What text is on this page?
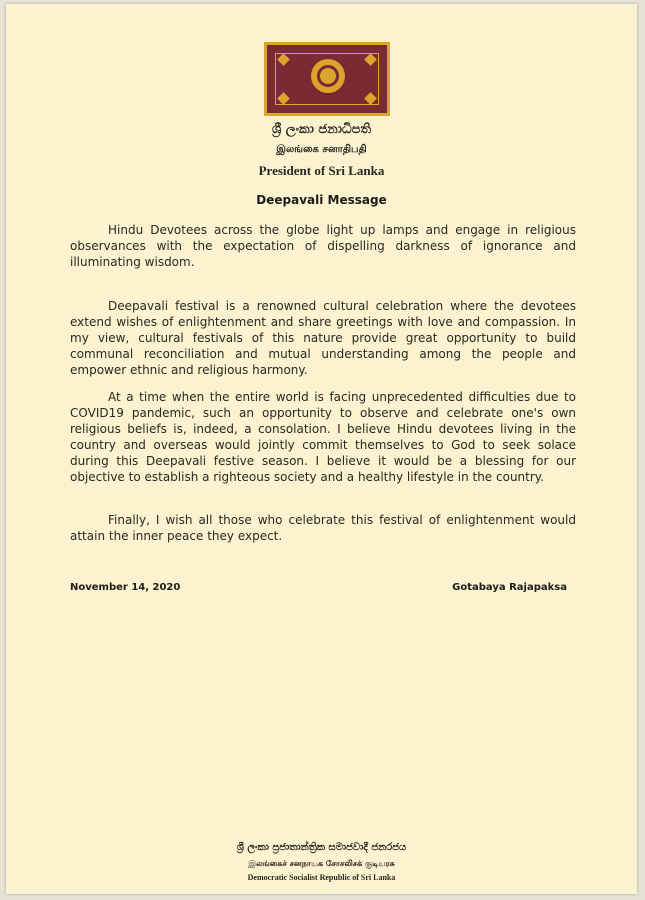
ශ්‍රී ලංකා ජනාධිපති
இலங்கை சனாதிபதி
President of Sri Lanka
Deepavali Message

Hindu Devotees across the globe light up lamps and engage in religious observances with the expectation of dispelling darkness of ignorance and illuminating wisdom.

Deepavali festival is a renowned cultural celebration where the devotees extend wishes of enlightenment and share greetings with love and compassion. In my view, cultural festivals of this nature provide great opportunity to build communal reconciliation and mutual understanding among the people and empower ethnic and religious harmony.

At a time when the entire world is facing unprecedented difficulties due to COVID19 pandemic, such an opportunity to observe and celebrate one's own religious beliefs is, indeed, a consolation. I believe Hindu devotees living in the country and overseas would jointly commit themselves to God to seek solace during this Deepavali festive season. I believe it would be a blessing for our objective to establish a righteous society and a healthy lifestyle in the country.

Finally, I wish all those who celebrate this festival of enlightenment would attain the inner peace they expect.

November 14, 2020	Gotabaya Rajapaksa
ශ්‍රී ලංකා ප්‍රජාතාන්ත්‍රික සමාජවාදී ජනරජය
இலங்கைச் சனநாயக சோசலிசக் குடியரசு
Democratic Socialist Republic of Sri Lanka
